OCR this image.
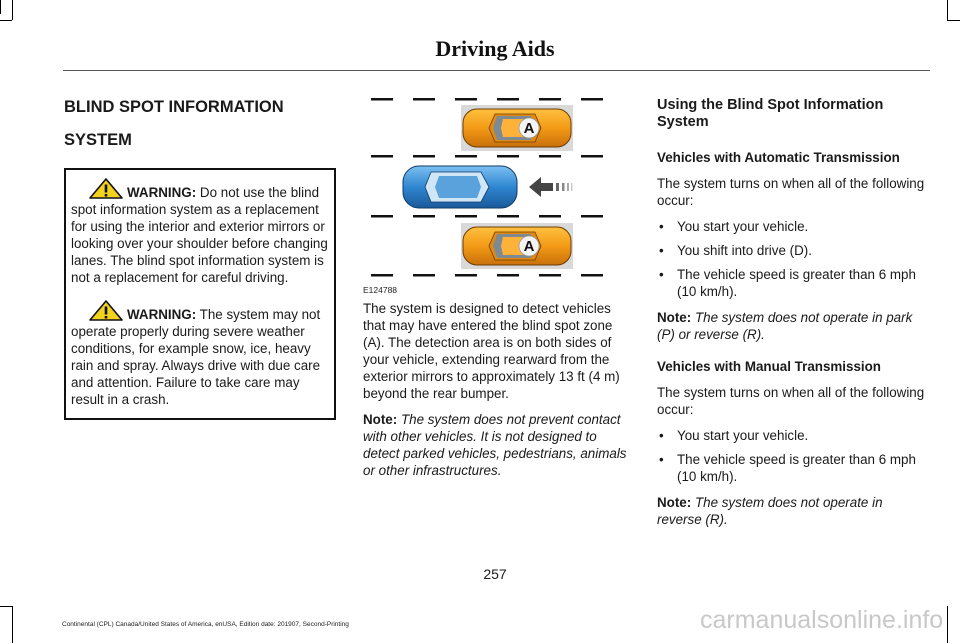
Driving Aids

BLIND SPOT INFORMATION

SYSTEM

WARNING: Do not use the blind spot information system as a replacement for using the interior and exterior mirrors or looking over your shoulder before changing lanes. The blind spot information system is not a replacement for careful driving.

WARNING: The system may not operate properly during severe weather conditions, for example snow, ice, heavy rain and spray. Always drive with due care and attention. Failure to take care may result in a crash.

A
A
E124788

The system is designed to detect vehicles that may have entered the blind spot zone (A). The detection area is on both sides of your vehicle, extending rearward from the exterior mirrors to approximately 13 ft (4 m) beyond the rear bumper.

Note: The system does not prevent contact with other vehicles. It is not designed to detect parked vehicles, pedestrians, animals or other infrastructures.

Using the Blind Spot Information System

Vehicles with Automatic Transmission

The system turns on when all of the following occur:

• You start your vehicle.
• You shift into drive (D).
• The vehicle speed is greater than 6 mph (10 km/h).

Note: The system does not operate in park (P) or reverse (R).

Vehicles with Manual Transmission

The system turns on when all of the following occur:

• You start your vehicle.
• The vehicle speed is greater than 6 mph (10 km/h).

Note: The system does not operate in reverse (R).

257
Continental (CPL) Canada/United States of America, enUSA, Edition date: 201907, Second-Printing	carmanualsonline.info
